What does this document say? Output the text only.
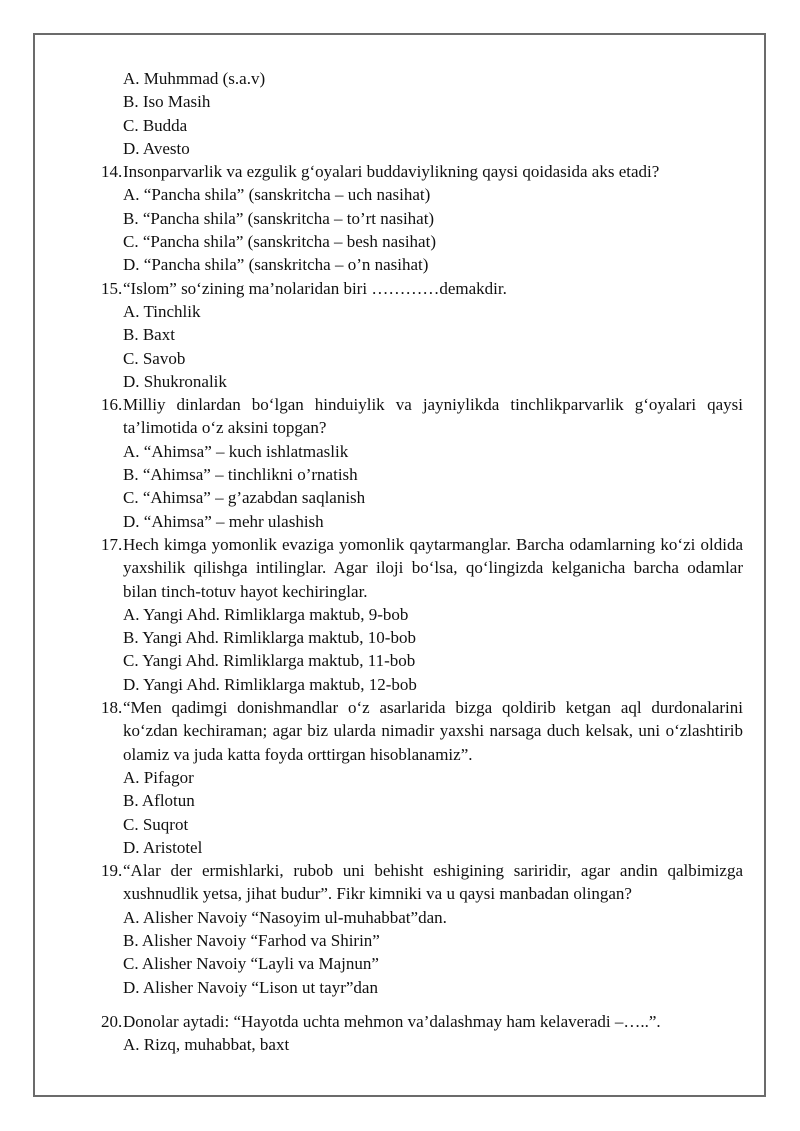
A. Muhmmad (s.a.v)
B. Iso Masih
C. Budda
D. Avesto
14. Insonparvarlik va ezgulik g‘oyalari buddaviylikning qaysi qoidasida aks etadi?
A. “Pancha shila” (sanskritcha – uch nasihat)
B. “Pancha shila” (sanskritcha – to’rt nasihat)
C. “Pancha shila” (sanskritcha – besh nasihat)
D. “Pancha shila” (sanskritcha – o’n nasihat)
15. “Islom” so‘zining ma’nolaridan biri …………demakdir.
A. Tinchlik
B. Baxt
C. Savob
D. Shukronalik
16. Milliy dinlardan bo‘lgan hinduiylik va jayniylikda tinchlikparvarlik g‘oyalari qaysi ta’limotida o‘z aksini topgan?
A. “Ahimsa” – kuch ishlatmaslik
B. “Ahimsa” – tinchlikni o’rnatish
C. “Ahimsa” – g’azabdan saqlanish
D. “Ahimsa” – mehr ulashish
17. Hech kimga yomonlik evaziga yomonlik qaytarmanglar. Barcha odamlarning ko‘zi oldida yaxshilik qilishga intilinglar. Agar iloji bo‘lsa, qo‘lingizda kelganicha barcha odamlar bilan tinch-totuv hayot kechiringlar.
A. Yangi Ahd. Rimliklarga maktub, 9-bob
B. Yangi Ahd. Rimliklarga maktub, 10-bob
C. Yangi Ahd. Rimliklarga maktub, 11-bob
D. Yangi Ahd. Rimliklarga maktub, 12-bob
18. “Men qadimgi donishmandlar o‘z asarlarida bizga qoldirib ketgan aql durdonalarini ko‘zdan kechiraman; agar biz ularda nimadir yaxshi narsaga duch kelsak, uni o‘zlashtirib olamiz va juda katta foyda orttirgan hisoblanamiz”.
A. Pifagor
B. Aflotun
C. Suqrot
D. Aristotel
19. “Alar der ermishlarki, rubob uni behisht eshigining sariridir, agar andin qalbimizga xushnudlik yetsa, jihat budur”. Fikr kimniki va u qaysi manbadan olingan?
A. Alisher Navoiy “Nasoyim ul-muhabbat”dan.
B. Alisher Navoiy “Farhod va Shirin”
C. Alisher Navoiy “Layli va Majnun”
D. Alisher Navoiy “Lison ut tayr”dan
20. Donolar aytadi: “Hayotda uchta mehmon va’dalashmay ham kelaveradi –…..”.
A. Rizq, muhabbat, baxt
